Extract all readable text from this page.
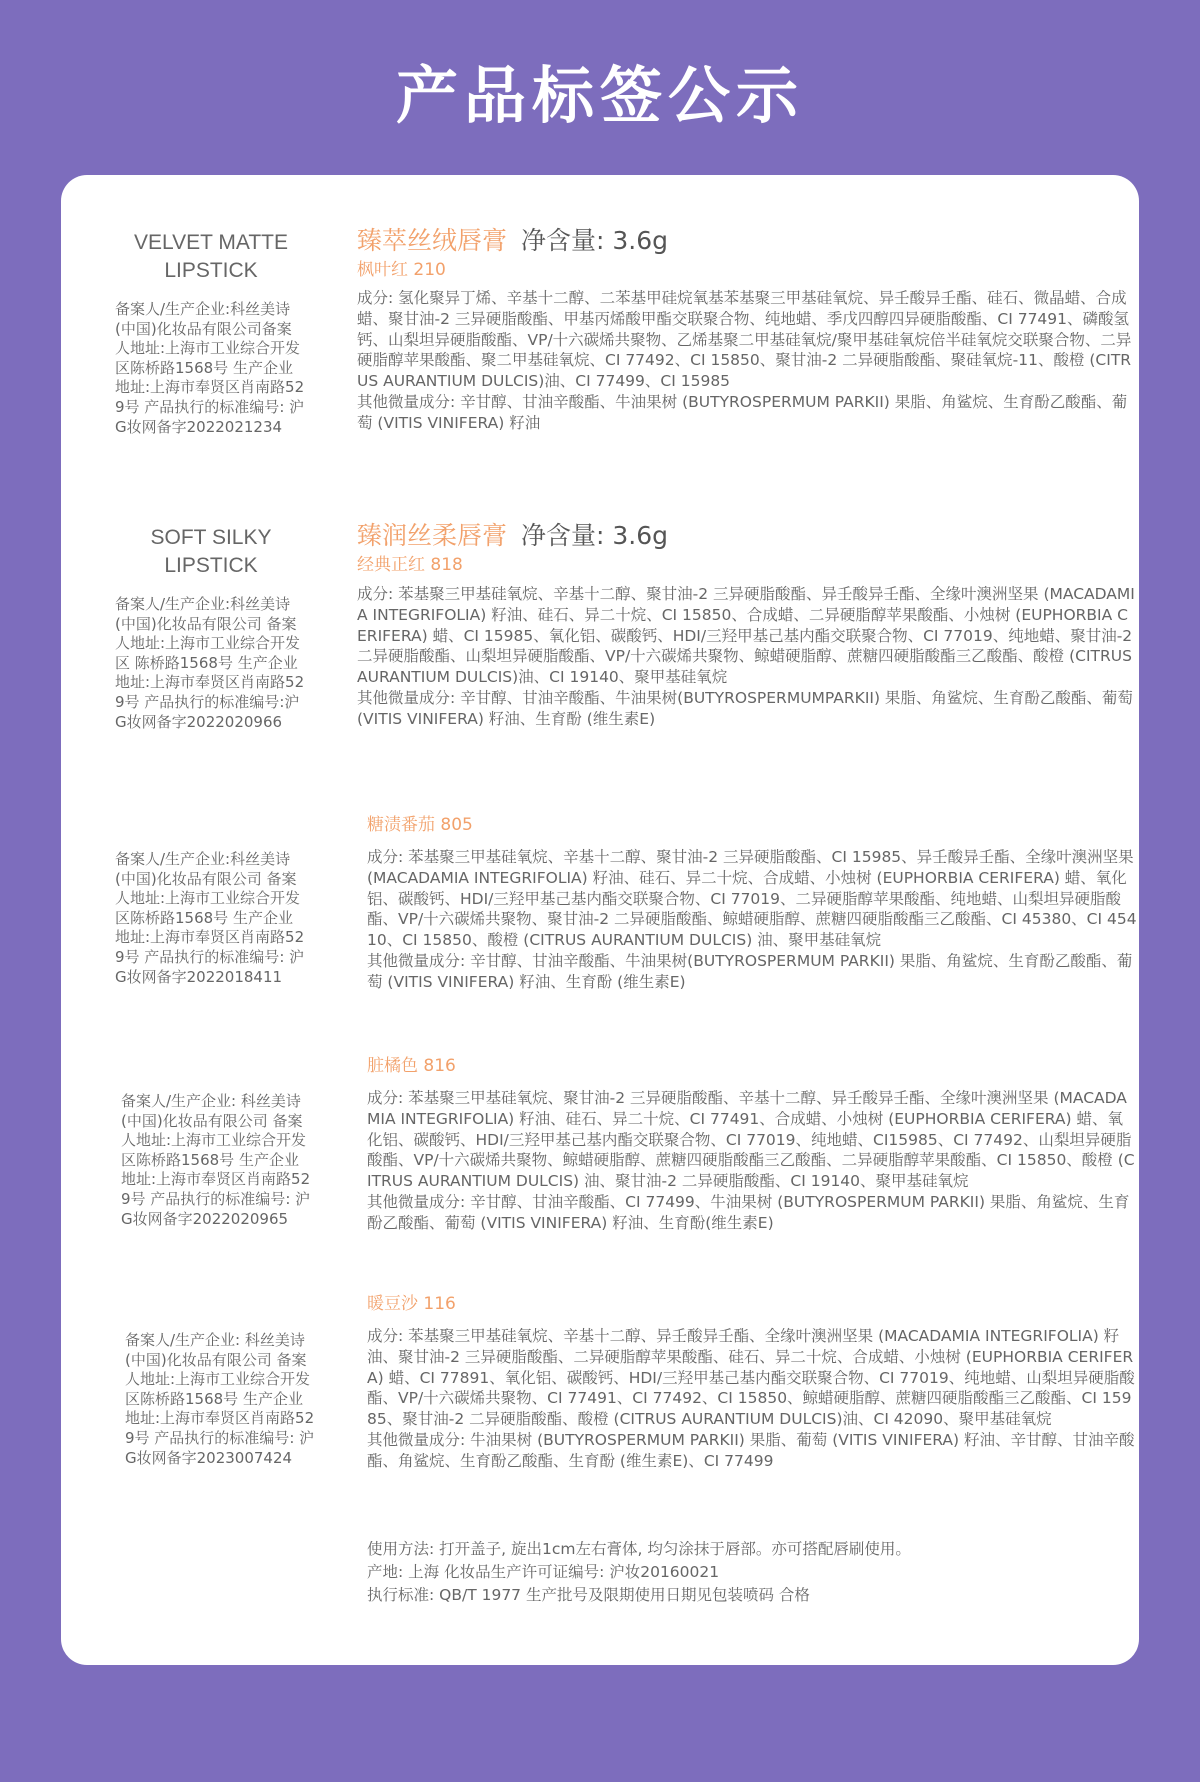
产品标签公示
VELVET MATTE
LIPSTICK
备案人/生产企业:科丝美诗(中国)化妆品有限公司备案人地址:上海市工业综合开发区陈桥路1568号 生产企业地址:上海市奉贤区肖南路529号 产品执行的标准编号: 沪G妆网备字2022021234
臻萃丝绒唇膏 净含量: 3.6g
枫叶红 210
成分: 氢化聚异丁烯、辛基十二醇、二苯基甲硅烷氧基苯基聚三甲基硅氧烷、异壬酸异壬酯、硅石、微晶蜡、合成蜡、聚甘油-2 三异硬脂酸酯、甲基丙烯酸甲酯交联聚合物、纯地蜡、季戊四醇四异硬脂酸酯、CI 77491、磷酸氢钙、山梨坦异硬脂酸酯、VP/十六碳烯共聚物、乙烯基聚二甲基硅氧烷/聚甲基硅氧烷倍半硅氧烷交联聚合物、二异硬脂醇苹果酸酯、聚二甲基硅氧烷、CI 77492、CI 15850、聚甘油-2 二异硬脂酸酯、聚硅氧烷-11、酸橙 (CITRUS AURANTIUM DULCIS)油、CI 77499、CI 15985
其他微量成分: 辛甘醇、甘油辛酸酯、牛油果树 (BUTYROSPERMUM PARKII) 果脂、角鲨烷、生育酚乙酸酯、葡萄 (VITIS VINIFERA) 籽油
SOFT SILKY
LIPSTICK
备案人/生产企业:科丝美诗(中国)化妆品有限公司 备案人地址:上海市工业综合开发区 陈桥路1568号 生产企业地址:上海市奉贤区肖南路529号 产品执行的标准编号:沪G妆网备字2022020966
臻润丝柔唇膏 净含量: 3.6g
经典正红 818
成分: 苯基聚三甲基硅氧烷、辛基十二醇、聚甘油-2 三异硬脂酸酯、异壬酸异壬酯、全缘叶澳洲坚果 (MACADAMIA INTEGRIFOLIA) 籽油、硅石、异二十烷、CI 15850、合成蜡、二异硬脂醇苹果酸酯、小烛树 (EUPHORBIA CERIFERA) 蜡、CI 15985、氧化铝、碳酸钙、HDI/三羟甲基己基内酯交联聚合物、CI 77019、纯地蜡、聚甘油-2 二异硬脂酸酯、山梨坦异硬脂酸酯、VP/十六碳烯共聚物、鲸蜡硬脂醇、蔗糖四硬脂酸酯三乙酸酯、酸橙 (CITRUS AURANTIUM DULCIS)油、CI 19140、聚甲基硅氧烷
其他微量成分: 辛甘醇、甘油辛酸酯、牛油果树(BUTYROSPERMUMPARKII) 果脂、角鲨烷、生育酚乙酸酯、葡萄 (VITIS VINIFERA) 籽油、生育酚 (维生素E)
备案人/生产企业:科丝美诗(中国)化妆品有限公司 备案人地址:上海市工业综合开发区陈桥路1568号 生产企业地址:上海市奉贤区肖南路529号 产品执行的标准编号: 沪G妆网备字2022018411
糖渍番茄 805
成分: 苯基聚三甲基硅氧烷、辛基十二醇、聚甘油-2 三异硬脂酸酯、CI 15985、异壬酸异壬酯、全缘叶澳洲坚果 (MACADAMIA INTEGRIFOLIA) 籽油、硅石、异二十烷、合成蜡、小烛树 (EUPHORBIA CERIFERA) 蜡、氧化铝、碳酸钙、HDI/三羟甲基己基内酯交联聚合物、CI 77019、二异硬脂醇苹果酸酯、纯地蜡、山梨坦异硬脂酸酯、VP/十六碳烯共聚物、聚甘油-2 二异硬脂酸酯、鲸蜡硬脂醇、蔗糖四硬脂酸酯三乙酸酯、CI 45380、CI 45410、CI 15850、酸橙 (CITRUS AURANTIUM DULCIS) 油、聚甲基硅氧烷
其他微量成分: 辛甘醇、甘油辛酸酯、牛油果树(BUTYROSPERMUM PARKII) 果脂、角鲨烷、生育酚乙酸酯、葡萄 (VITIS VINIFERA) 籽油、生育酚 (维生素E)
备案人/生产企业: 科丝美诗(中国)化妆品有限公司 备案人地址:上海市工业综合开发区陈桥路1568号 生产企业地址:上海市奉贤区肖南路529号 产品执行的标准编号: 沪G妆网备字2022020965
脏橘色 816
成分: 苯基聚三甲基硅氧烷、聚甘油-2 三异硬脂酸酯、辛基十二醇、异壬酸异壬酯、全缘叶澳洲坚果 (MACADAMIA INTEGRIFOLIA) 籽油、硅石、异二十烷、CI 77491、合成蜡、小烛树 (EUPHORBIA CERIFERA) 蜡、氧化铝、碳酸钙、HDI/三羟甲基己基内酯交联聚合物、CI 77019、纯地蜡、CI15985、CI 77492、山梨坦异硬脂酸酯、VP/十六碳烯共聚物、鲸蜡硬脂醇、蔗糖四硬脂酸酯三乙酸酯、二异硬脂醇苹果酸酯、CI 15850、酸橙 (CITRUS AURANTIUM DULCIS) 油、聚甘油-2 二异硬脂酸酯、CI 19140、聚甲基硅氧烷
其他微量成分: 辛甘醇、甘油辛酸酯、CI 77499、牛油果树 (BUTYROSPERMUM PARKII) 果脂、角鲨烷、生育酚乙酸酯、葡萄 (VITIS VINIFERA) 籽油、生育酚(维生素E)
备案人/生产企业: 科丝美诗(中国)化妆品有限公司 备案人地址:上海市工业综合开发区陈桥路1568号 生产企业地址:上海市奉贤区肖南路529号 产品执行的标准编号: 沪G妆网备字2023007424
暖豆沙 116
成分: 苯基聚三甲基硅氧烷、辛基十二醇、异壬酸异壬酯、全缘叶澳洲坚果 (MACADAMIA INTEGRIFOLIA) 籽油、聚甘油-2 三异硬脂酸酯、二异硬脂醇苹果酸酯、硅石、异二十烷、合成蜡、小烛树 (EUPHORBIA CERIFERA) 蜡、CI 77891、氧化铝、碳酸钙、HDI/三羟甲基己基内酯交联聚合物、CI 77019、纯地蜡、山梨坦异硬脂酸酯、VP/十六碳烯共聚物、CI 77491、CI 77492、CI 15850、鲸蜡硬脂醇、蔗糖四硬脂酸酯三乙酸酯、CI 15985、聚甘油-2 二异硬脂酸酯、酸橙 (CITRUS AURANTIUM DULCIS)油、CI 42090、聚甲基硅氧烷
其他微量成分: 牛油果树 (BUTYROSPERMUM PARKII) 果脂、葡萄 (VITIS VINIFERA) 籽油、辛甘醇、甘油辛酸酯、角鲨烷、生育酚乙酸酯、生育酚 (维生素E)、CI 77499
使用方法: 打开盖子, 旋出1cm左右膏体, 均匀涂抹于唇部。亦可搭配唇刷使用。
产地: 上海 化妆品生产许可证编号: 沪妆20160021
执行标准: QB/T 1977 生产批号及限期使用日期见包装喷码 合格
